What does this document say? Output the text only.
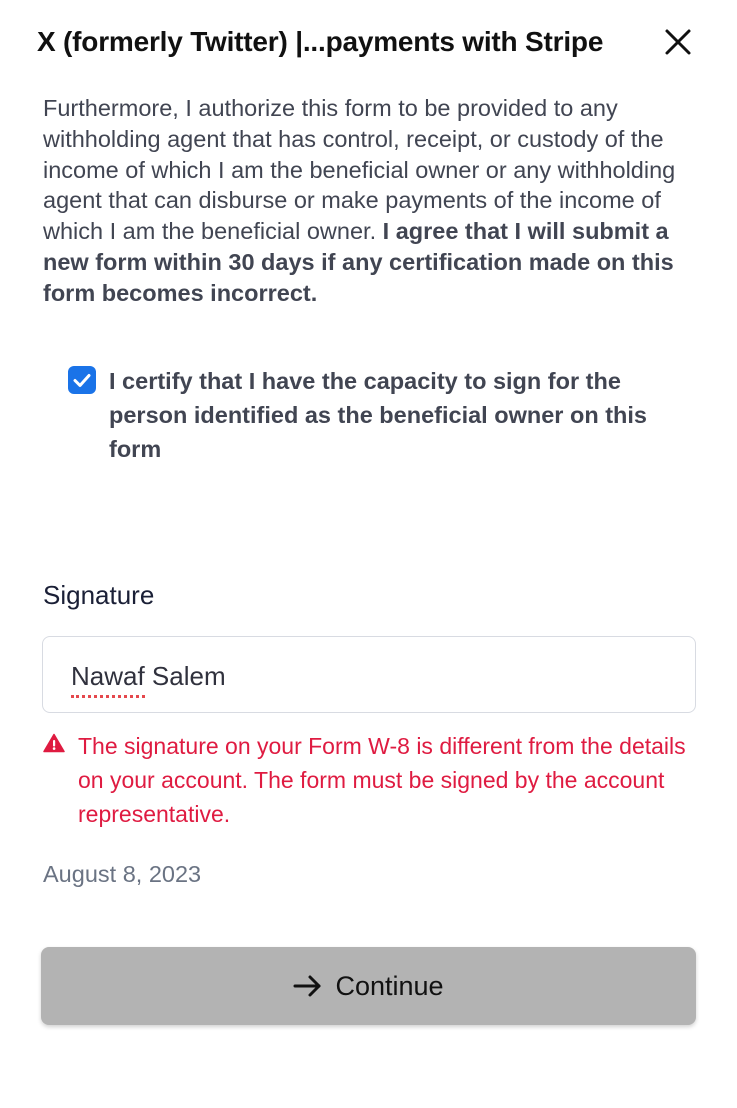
X (formerly Twitter) |...payments with Stripe
Furthermore, I authorize this form to be provided to any withholding agent that has control, receipt, or custody of the income of which I am the beneficial owner or any withholding agent that can disburse or make payments of the income of which I am the beneficial owner. I agree that I will submit a new form within 30 days if any certification made on this form becomes incorrect.
I certify that I have the capacity to sign for the person identified as the beneficial owner on this form
Signature
Nawaf Salem
The signature on your Form W-8 is different from the details on your account. The form must be signed by the account representative.
August 8, 2023
Continue
